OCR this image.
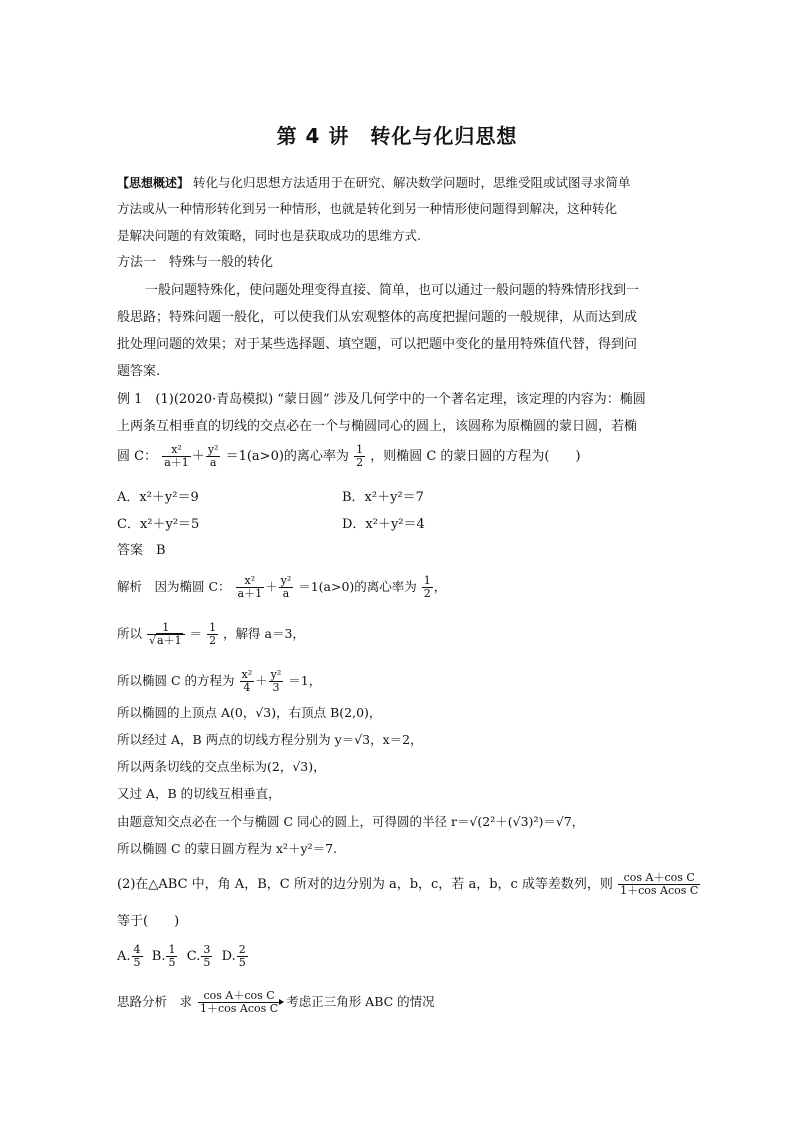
第 4 讲　转化与化归思想
【思想概述】 转化与化归思想方法适用于在研究、解决数学问题时，思维受阻或试图寻求简单
方法或从一种情形转化到另一种情形，也就是转化到另一种情形使问题得到解决，这种转化
是解决问题的有效策略，同时也是获取成功的思维方式.
方法一　特殊与一般的转化
一般问题特殊化，使问题处理变得直接、简单，也可以通过一般问题的特殊情形找到一
般思路；特殊问题一般化，可以使我们从宏观整体的高度把握问题的一般规律，从而达到成
批处理问题的效果；对于某些选择题、填空题，可以把题中变化的量用特殊值代替，得到问
题答案.
例 1　(1)(2020·青岛模拟) “蒙日圆” 涉及几何学中的一个著名定理，该定理的内容为：椭圆
上两条互相垂直的切线的交点必在一个与椭圆同心的圆上，该圆称为原椭圆的蒙日圆，若椭
圆 C： $\frac{\text{x²}}{a+1} + \frac{\text{y²}}{a} =1(a>0)$的离心率为 $\frac{1}{2}$ ，则椭圆 C 的蒙日圆的方程为(　　)
A．x²＋y²＝9	B．x²＋y²＝7
C．x²＋y²＝5	D．x²＋y²＝4
答案　B
解析　因为椭圆 C： $\frac{\text{x²}}{a+1} + \frac{\text{y²}}{a} =1(a>0)$的离心率为 $\frac{1}{2}$ ，
所以 $\frac{1}{√a+1} = \frac{1}{2}$ ，解得 a＝3，
所以椭圆 C 的方程为 $\frac{\text{x²}}{4} + \frac{\text{y²}}{3} =1$，
所以椭圆的上顶点 A(0，√3)，右顶点 B(2,0)，
所以经过 A，B 两点的切线方程分别为 y＝√3，x＝2，
所以两条切线的交点坐标为(2，√3)，
又过 A，B 的切线互相垂直，
由题意知交点必在一个与椭圆 C 同心的圆上，可得圆的半径 r＝√(2²＋(√3)²)＝√7，
所以椭圆 C 的蒙日圆方程为 x²＋y²＝7.
(2)在△ABC 中，角 A，B，C 所对的边分别为 a，b，c，若 a，b，c 成等差数列，则 $\frac{\text{cos A＋cos C}}{\text{1＋cos Acos C}}$
等于(　　)
A. $\frac{4}{5} B$. $\frac{1}{5} C$. $\frac{3}{5} D$. $\frac{2}{5}$
思路分析　求 $\frac{\text{cos A＋cos C}}{\text{1＋cos Acos C}}$ 考虑正三角形 ABC 的情况
